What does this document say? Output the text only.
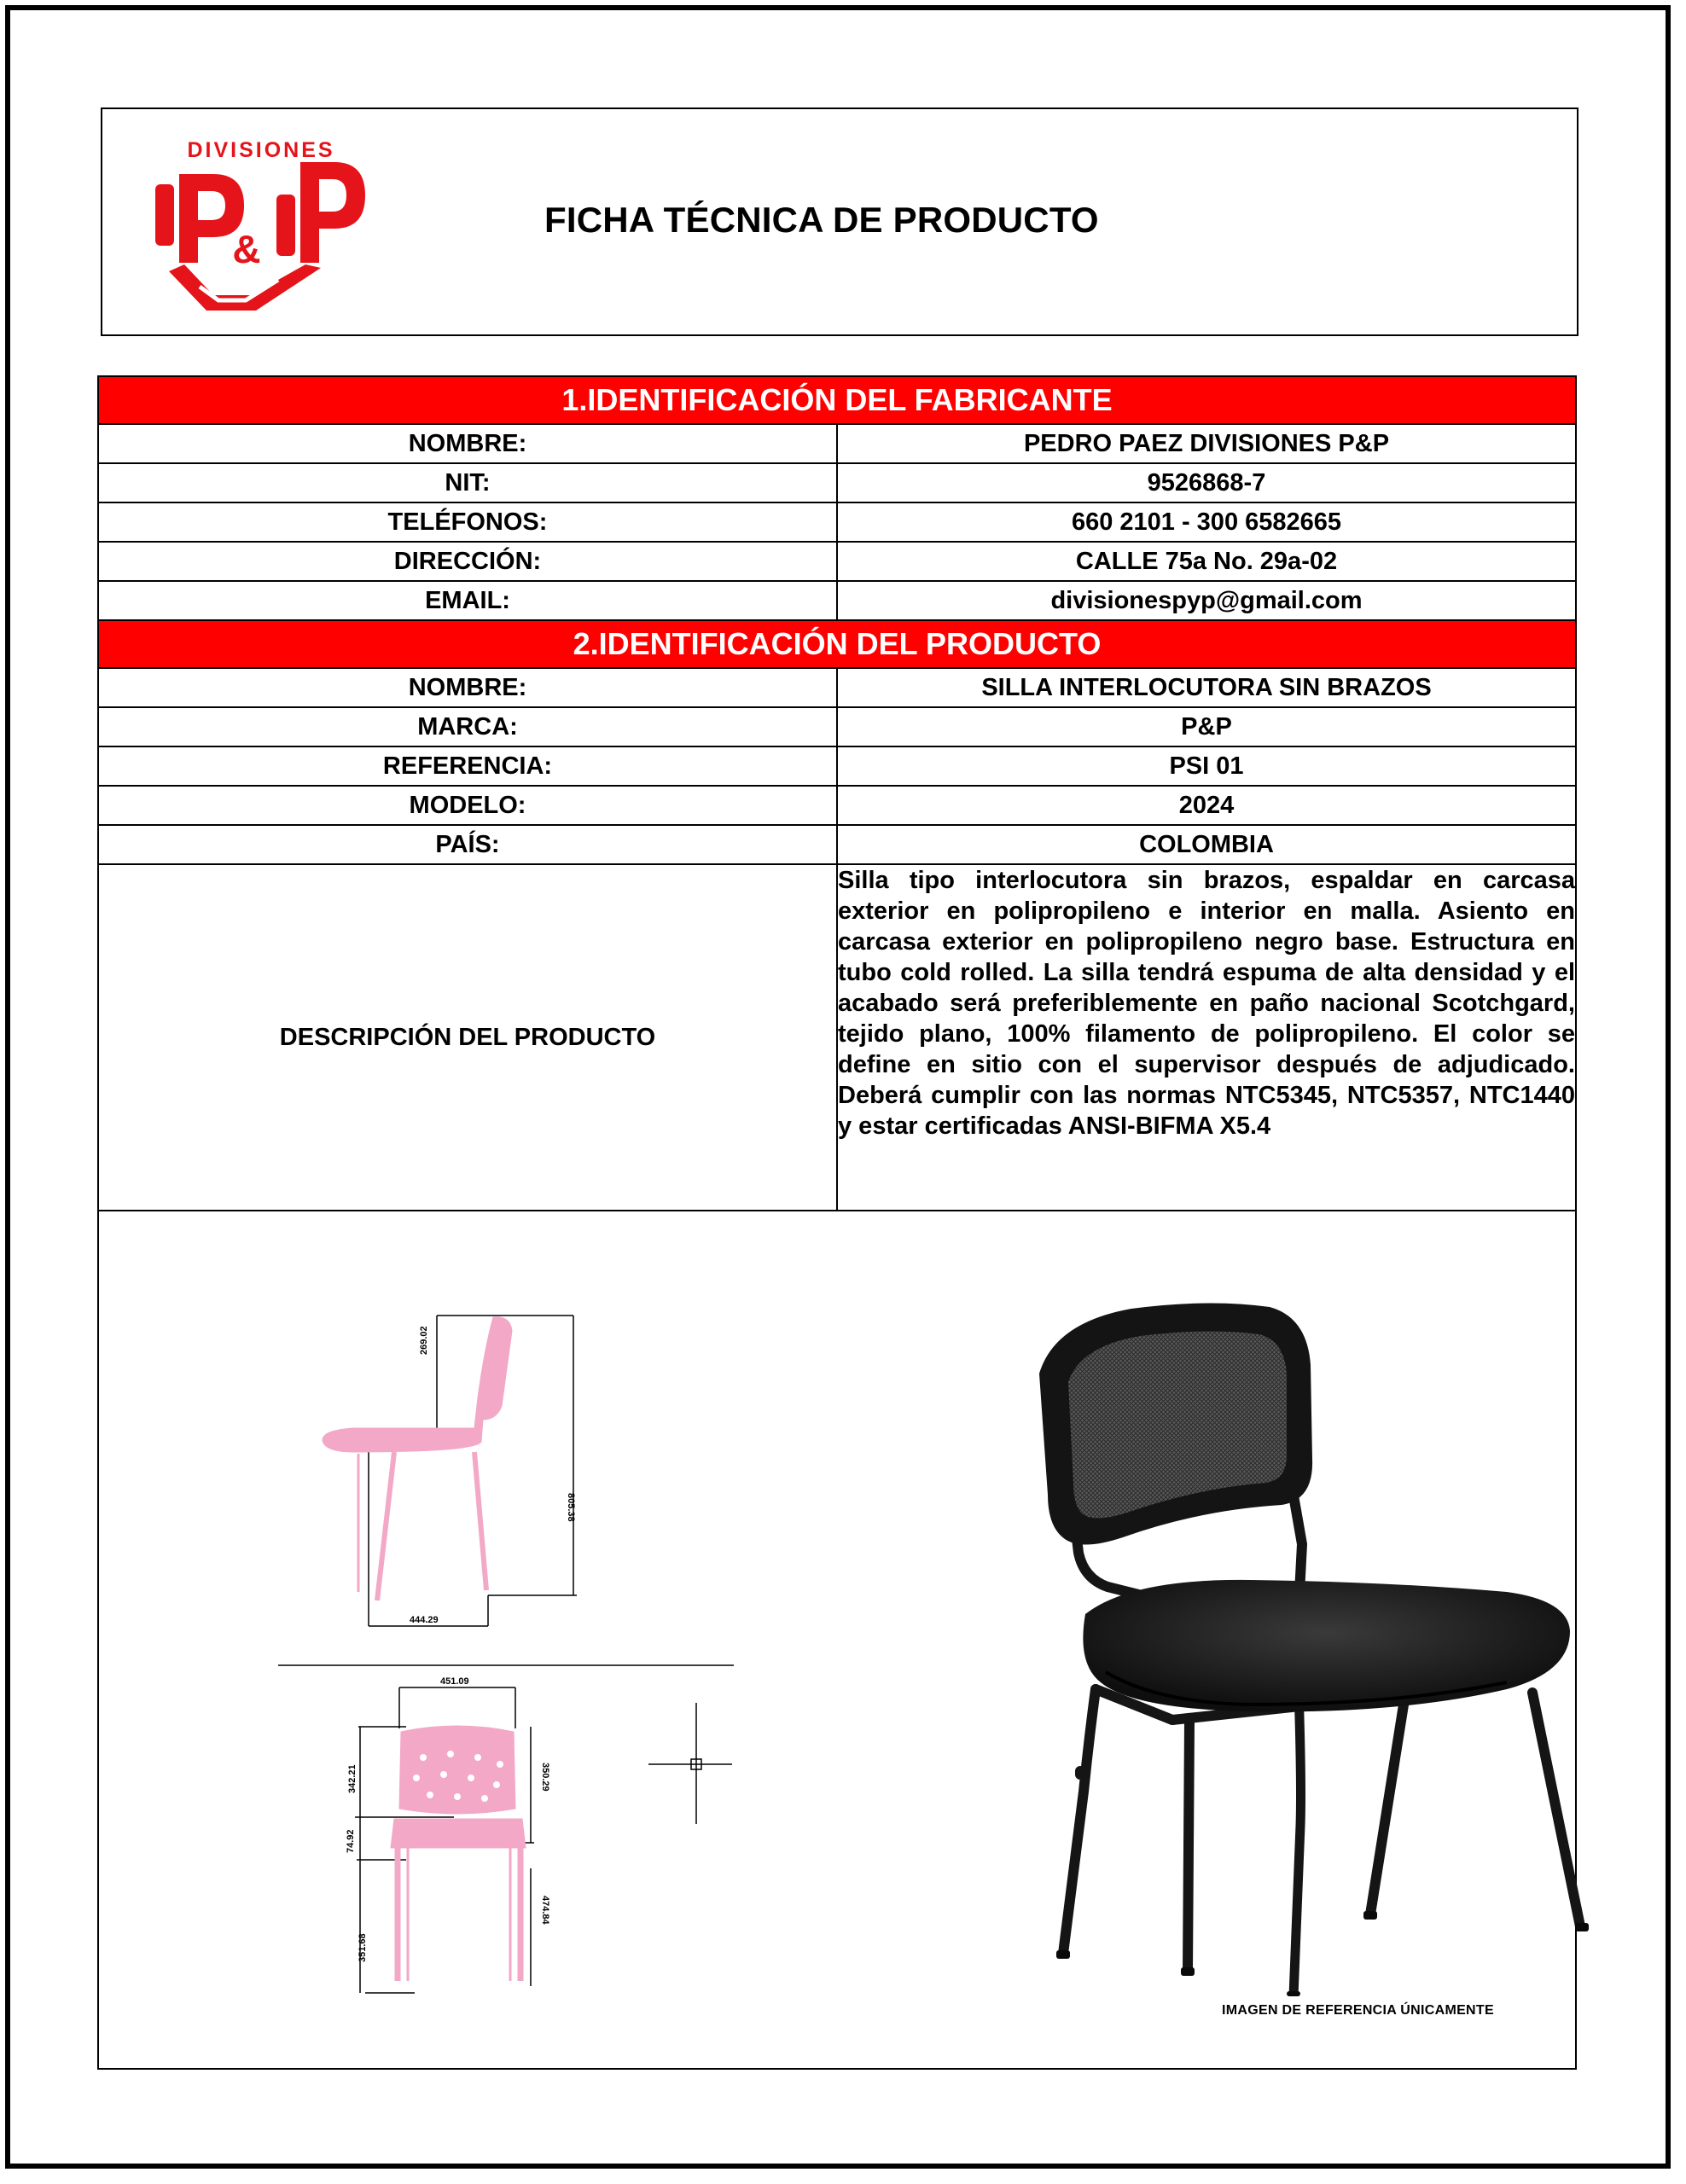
DIVISIONES
&
FICHA TÉCNICA DE PRODUCTO
1.IDENTIFICACIÓN DEL FABRICANTE	
NOMBRE:	PEDRO PAEZ DIVISIONES P&P
NIT:	9526868-7
TELÉFONOS:	660 2101 - 300 6582665
DIRECCIÓN:	CALLE 75a No. 29a-02
EMAIL:	divisionespyp@gmail.com
2.IDENTIFICACIÓN DEL PRODUCTO	
NOMBRE:	SILLA INTERLOCUTORA SIN BRAZOS
MARCA:	P&P
REFERENCIA:	PSI 01
MODELO:	2024
PAÍS:	COLOMBIA
DESCRIPCIÓN DEL PRODUCTO	Silla tipo interlocutora sin brazos, espaldar en carcasa exterior en polipropileno e interior en malla. Asiento en carcasa exterior en polipropileno negro base. Estructura en tubo cold rolled. La silla tendrá espuma de alta densidad y el acabado será preferiblemente en paño nacional Scotchgard, tejido plano, 100% filamento de polipropileno. El color se define en sitio con el supervisor después de adjudicado. Deberá cumplir con las normas NTC5345, NTC5357, NTC1440 y estar certificadas ANSI-BIFMA X5.4
269.02
805.38
444.29
451.09
342.21	350.29
74.92
351.68
474.84
IMAGEN DE REFERENCIA ÚNICAMENTE
